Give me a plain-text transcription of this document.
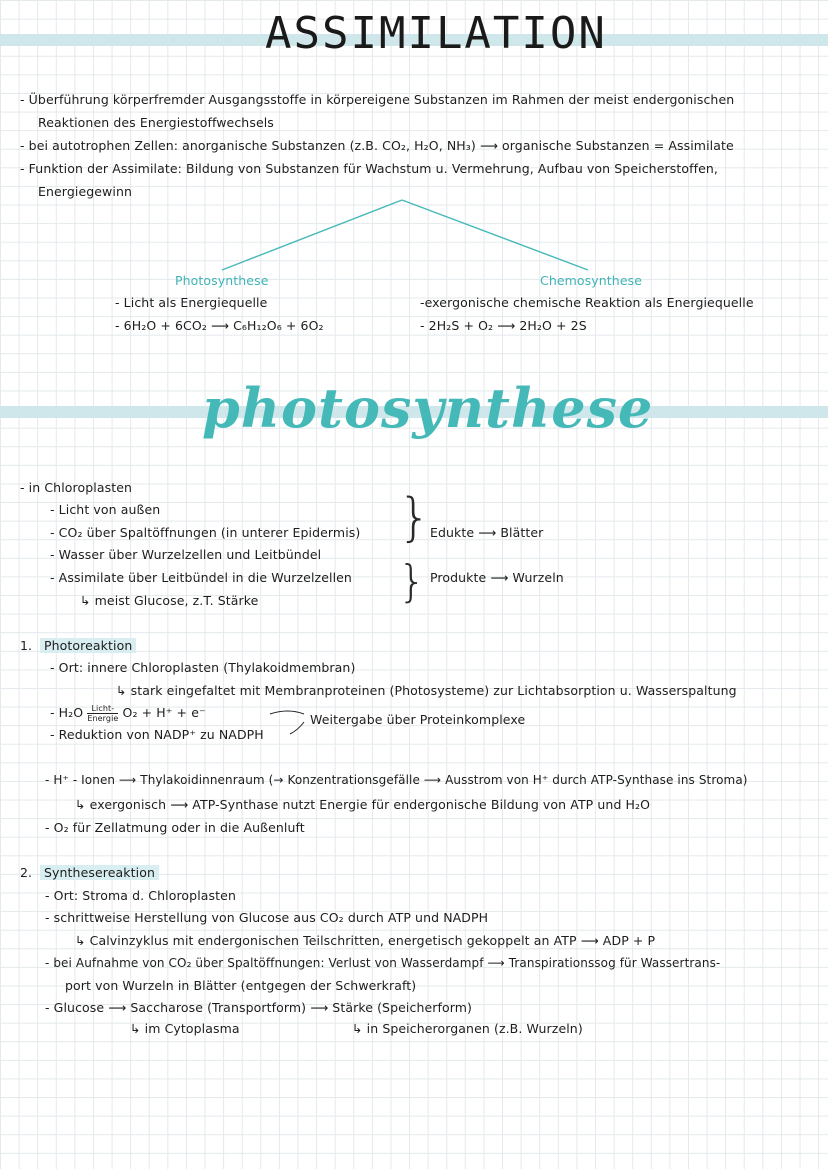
ASSIMILATION
- Überführung körperfremder Ausgangsstoffe in körpereigene Substanzen im Rahmen der meist endergonischen
Reaktionen des Energiestoffwechsels
- bei autotrophen Zellen: anorganische Substanzen (z.B. CO₂, H₂O, NH₃) ⟶ organische Substanzen = Assimilate
- Funktion der Assimilate: Bildung von Substanzen für Wachstum u. Vermehrung, Aufbau von Speicherstoffen,
Energiegewinn
Photosynthese
- Licht als Energiequelle
- 6H₂O + 6CO₂ ⟶ C₆H₁₂O₆ + 6O₂
Chemosynthese
-exergonische chemische Reaktion als Energiequelle
- 2H₂S + O₂ ⟶ 2H₂O + 2S
photosynthese
- in Chloroplasten
- Licht von außen
- CO₂ über Spaltöffnungen (in unterer Epidermis)
- Wasser über Wurzelzellen und Leitbündel
- Assimilate über Leitbündel in die Wurzelzellen
↳ meist Glucose, z.T. Stärke
}
}
Edukte ⟶ Blätter
Produkte ⟶ Wurzeln
1. Photoreaktion
- Ort: innere Chloroplasten (Thylakoidmembran)
↳ stark eingefaltet mit Membranproteinen (Photosysteme) zur Lichtabsorption u. Wasserspaltung
- $H_2O \frac{\text{Licht-}}{\text{Energie}} O_2 + H^+ + e^-$	Weitergabe über Proteinkomplexe
- Reduktion von NADP⁺ zu NADPH
- H⁺ - Ionen ⟶ Thylakoidinnenraum (→ Konzentrationsgefälle ⟶ Ausstrom von H⁺ durch ATP-Synthase ins Stroma)
↳ exergonisch ⟶ ATP-Synthase nutzt Energie für endergonische Bildung von ATP und H₂O
- O₂ für Zellatmung oder in die Außenluft
2. Synthesereaktion
- Ort: Stroma d. Chloroplasten
- schrittweise Herstellung von Glucose aus CO₂ durch ATP und NADPH
↳ Calvinzyklus mit endergonischen Teilschritten, energetisch gekoppelt an ATP ⟶ ADP + P
- bei Aufnahme von CO₂ über Spaltöffnungen: Verlust von Wasserdampf ⟶ Transpirationssog für Wassertrans-
port von Wurzeln in Blätter (entgegen der Schwerkraft)
- Glucose ⟶ Saccharose (Transportform) ⟶ Stärke (Speicherform)
↳ im Cytoplasma	↳ in Speicherorganen (z.B. Wurzeln)
